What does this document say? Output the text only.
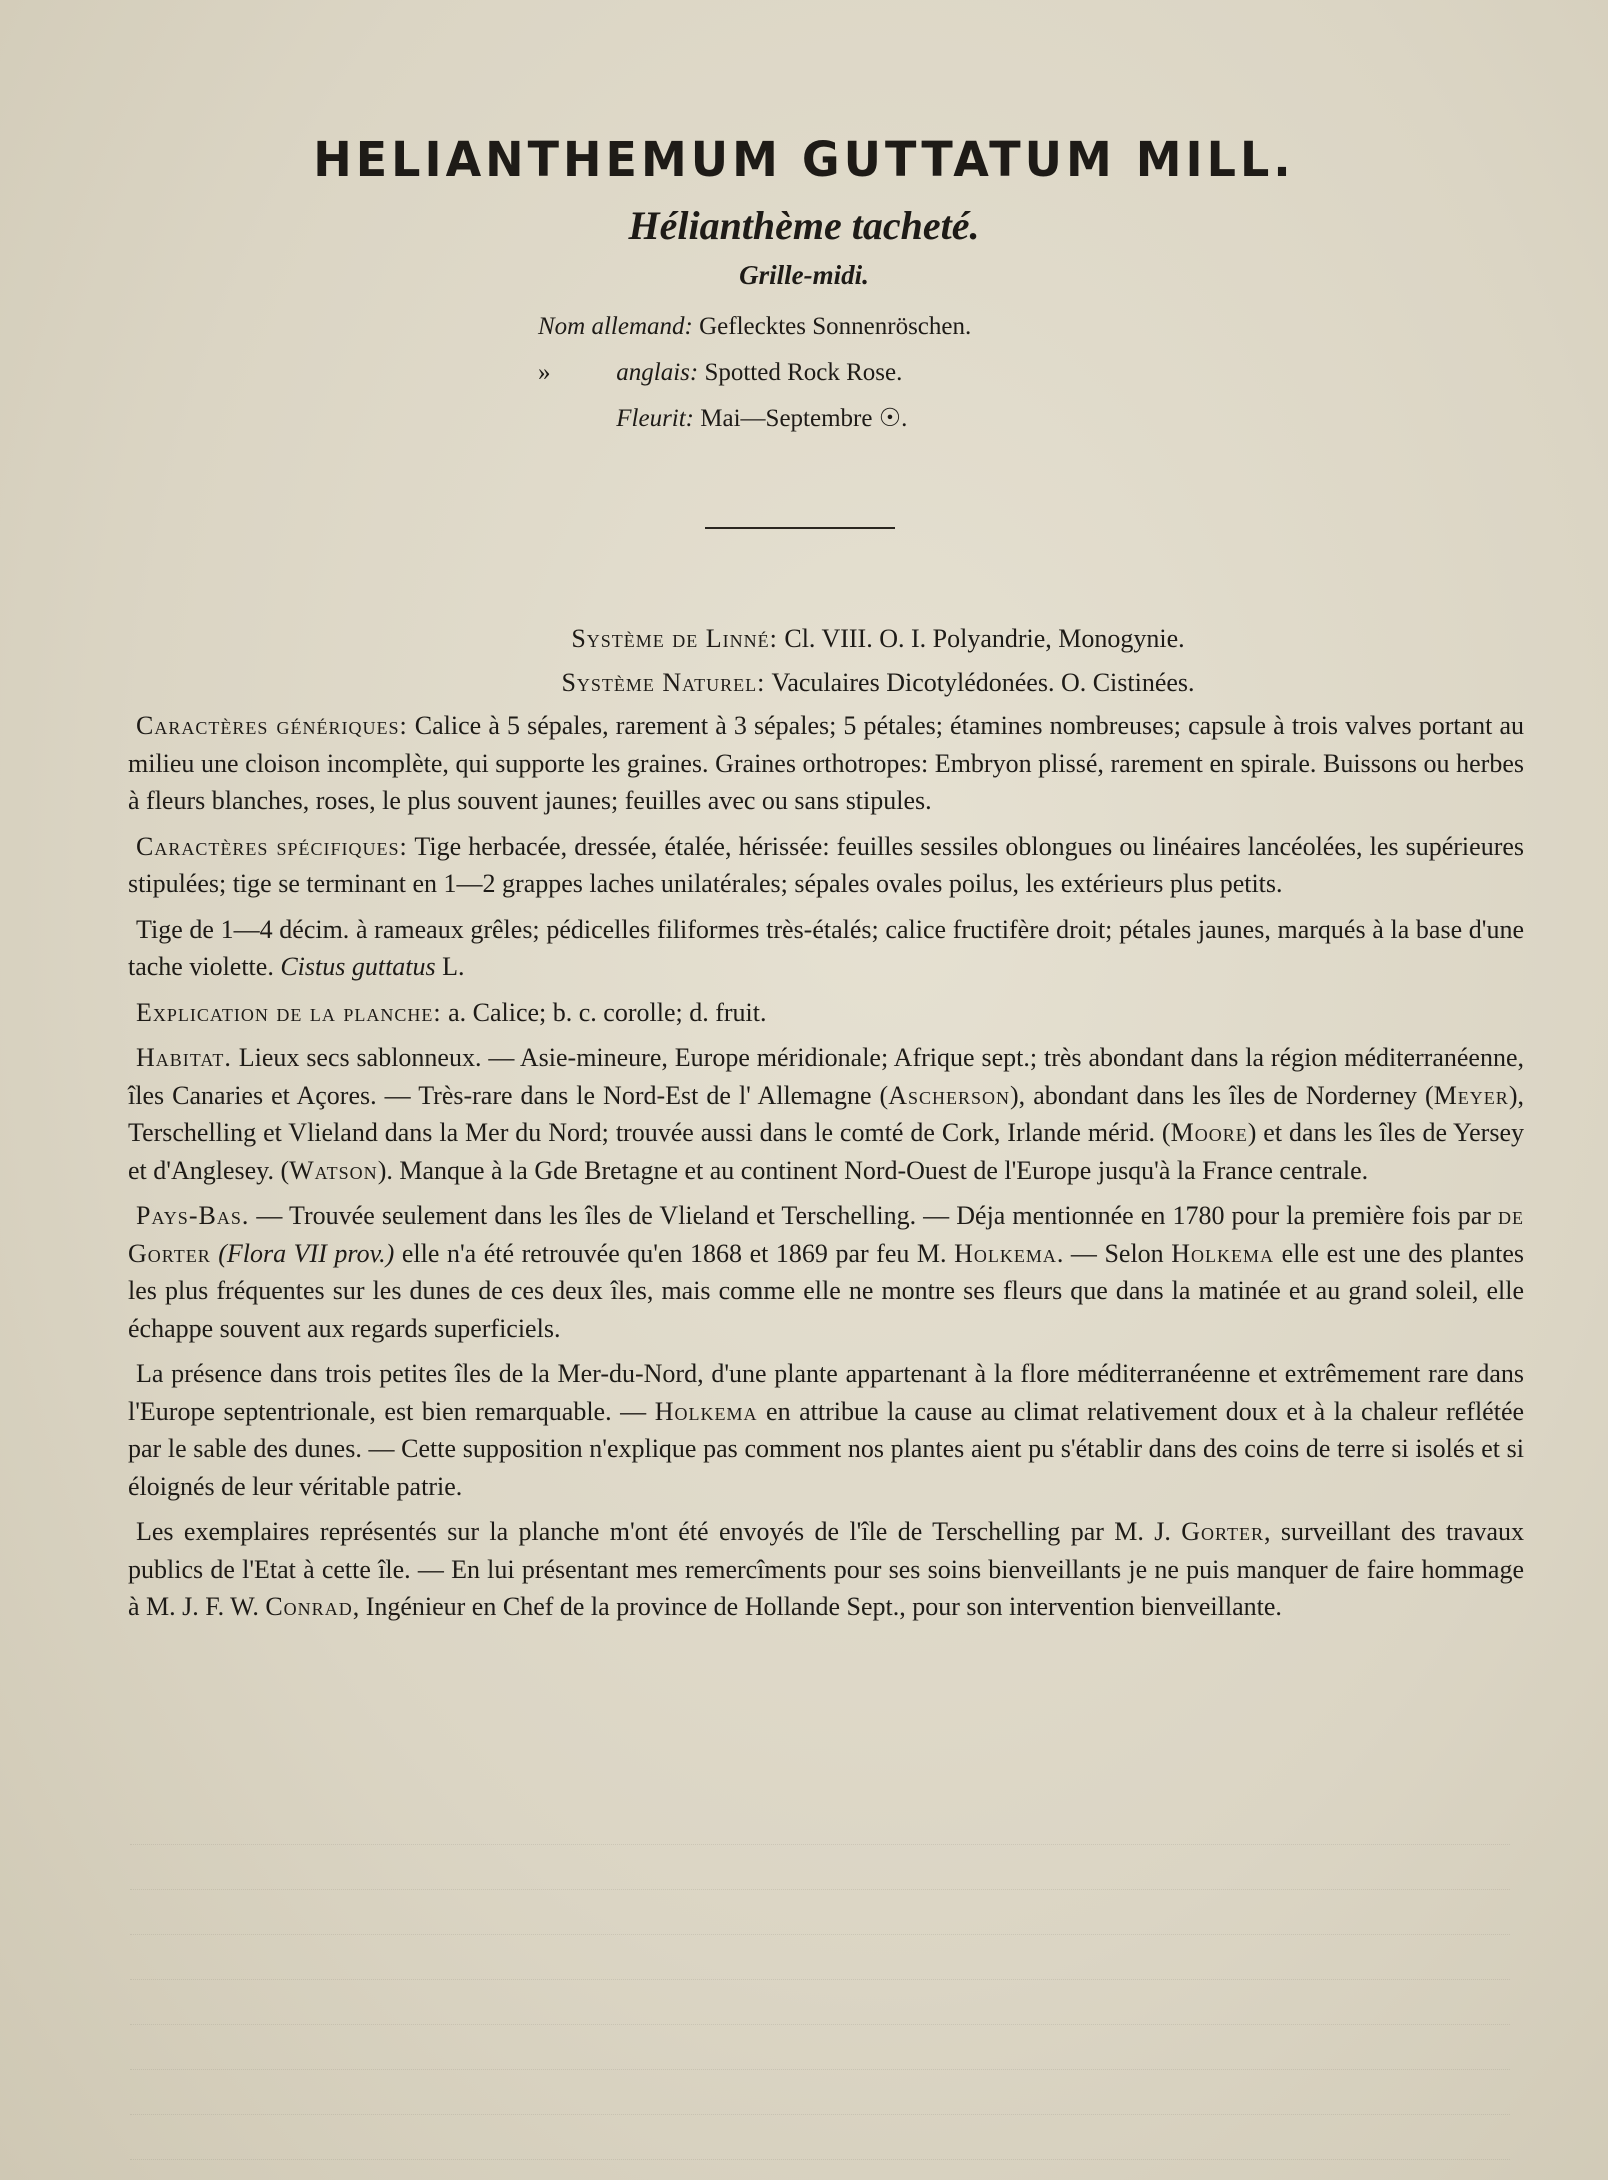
HELIANTHEMUM GUTTATUM MILL.
Hélianthème tacheté.
Grille-midi.
Nom allemand: Geflecktes Sonnenröschen.
»	anglais: Spotted Rock Rose.
Fleurit: Mai—Septembre ☉.

Système de Linné: Cl. VIII. O. I. Polyandrie, Monogynie.

Système Naturel: Vaculaires Dicotylédonées. O. Cistinées.

Caractères génériques: Calice à 5 sépales, rarement à 3 sépales; 5 pétales; étamines nombreuses; capsule à trois valves portant au milieu une cloison incomplète, qui supporte les graines. Graines orthotropes: Embryon plissé, rarement en spirale. Buissons ou herbes à fleurs blanches, roses, le plus souvent jaunes; feuilles avec ou sans stipules.

Caractères spécifiques: Tige herbacée, dressée, étalée, hérissée: feuilles sessiles oblongues ou linéaires lancéolées, les supérieures stipulées; tige se terminant en 1—2 grappes laches unilatérales; sépales ovales poilus, les extérieurs plus petits.

Tige de 1—4 décim. à rameaux grêles; pédicelles filiformes très-étalés; calice fructifère droit; pétales jaunes, marqués à la base d'une tache violette. Cistus guttatus L.

Explication de la planche: a. Calice; b. c. corolle; d. fruit.

Habitat. Lieux secs sablonneux. — Asie-mineure, Europe méridionale; Afrique sept.; très abondant dans la région méditerranéenne, îles Canaries et Açores. — Très-rare dans le Nord-Est de l' Allemagne (Ascherson), abondant dans les îles de Norderney (Meyer), Terschelling et Vlieland dans la Mer du Nord; trouvée aussi dans le comté de Cork, Irlande mérid. (Moore) et dans les îles de Yersey et d'Anglesey. (Watson). Manque à la Gde Bretagne et au continent Nord-Ouest de l'Europe jusqu'à la France centrale.

Pays-Bas. — Trouvée seulement dans les îles de Vlieland et Terschelling. — Déja mentionnée en 1780 pour la première fois par de Gorter (Flora VII prov.) elle n'a été retrouvée qu'en 1868 et 1869 par feu M. Holkema. — Selon Holkema elle est une des plantes les plus fréquentes sur les dunes de ces deux îles, mais comme elle ne montre ses fleurs que dans la matinée et au grand soleil, elle échappe souvent aux regards superficiels.

La présence dans trois petites îles de la Mer-du-Nord, d'une plante appartenant à la flore méditerranéenne et extrêmement rare dans l'Europe septentrionale, est bien remarquable. — Holkema en attribue la cause au climat relativement doux et à la chaleur reflétée par le sable des dunes. — Cette supposition n'explique pas comment nos plantes aient pu s'établir dans des coins de terre si isolés et si éloignés de leur véritable patrie.

Les exemplaires représentés sur la planche m'ont été envoyés de l'île de Terschelling par M. J. Gorter, surveillant des travaux publics de l'Etat à cette île. — En lui présentant mes remercîments pour ses soins bienveillants je ne puis manquer de faire hommage à M. J. F. W. Conrad, Ingénieur en Chef de la province de Hollande Sept., pour son intervention bienveillante.
